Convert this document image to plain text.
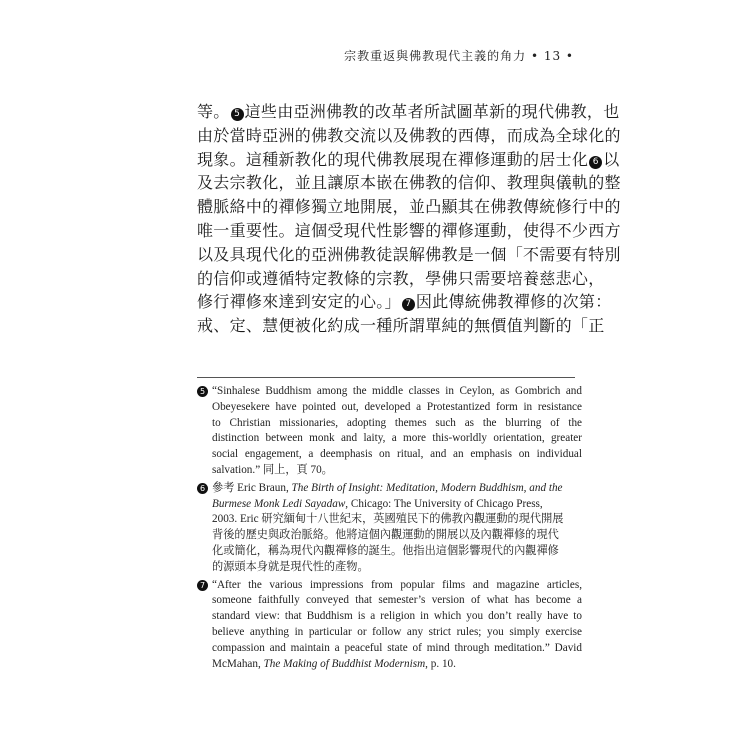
宗教重返與佛教現代主義的角力 • 13 •
等。 5 這些由亞洲佛教的改革者所試圖革新的現代佛教，也
由於當時亞洲的佛教交流以及佛教的西傳，而成為全球化的
現象。這種新教化的現代佛教展現在禪修運動的居士化 6 以
及去宗教化，並且讓原本嵌在佛教的信仰、教理與儀軌的整
體脈絡中的禪修獨立地開展，並凸顯其在佛教傳統修行中的
唯一重要性。這個受現代性影響的禪修運動，使得不少西方
以及具現代化的亞洲佛教徒誤解佛教是一個「不需要有特別
的信仰或遵循特定教條的宗教，學佛只需要培養慈悲心，
修行禪修來達到安定的心。」 7 因此傳統佛教禪修的次第：
戒、定、慧便被化約成一種所謂單純的無價值判斷的「正
5 “Sinhalese Buddhism among the middle classes in Ceylon, as Gombrich and
Obeyesekere have pointed out, developed a Protestantized form in resistance
to Christian missionaries, adopting themes such as the blurring of the
distinction between monk and laity, a more this-worldly orientation, greater
social engagement, a deemphasis on ritual, and an emphasis on individual
salvation.” 同上，頁 70。
6 參考 Eric Braun, The Birth of Insight: Meditation, Modern Buddhism, and the
Burmese Monk Ledi Sayadaw, Chicago: The University of Chicago Press,
2003. Eric 研究緬甸十八世紀末，英國殖民下的佛教內觀運動的現代開展
背後的歷史與政治脈絡。他將這個內觀運動的開展以及內觀禪修的現代
化或簡化，稱為現代內觀禪修的誕生。他指出這個影響現代的內觀禪修
的源頭本身就是現代性的產物。
7 “After the various impressions from popular films and magazine articles,
someone faithfully conveyed that semester’s version of what has become a
standard view: that Buddhism is a religion in which you don’t really have to
believe anything in particular or follow any strict rules; you simply exercise
compassion and maintain a peaceful state of mind through meditation.” David
McMahan, The Making of Buddhist Modernism, p. 10.
